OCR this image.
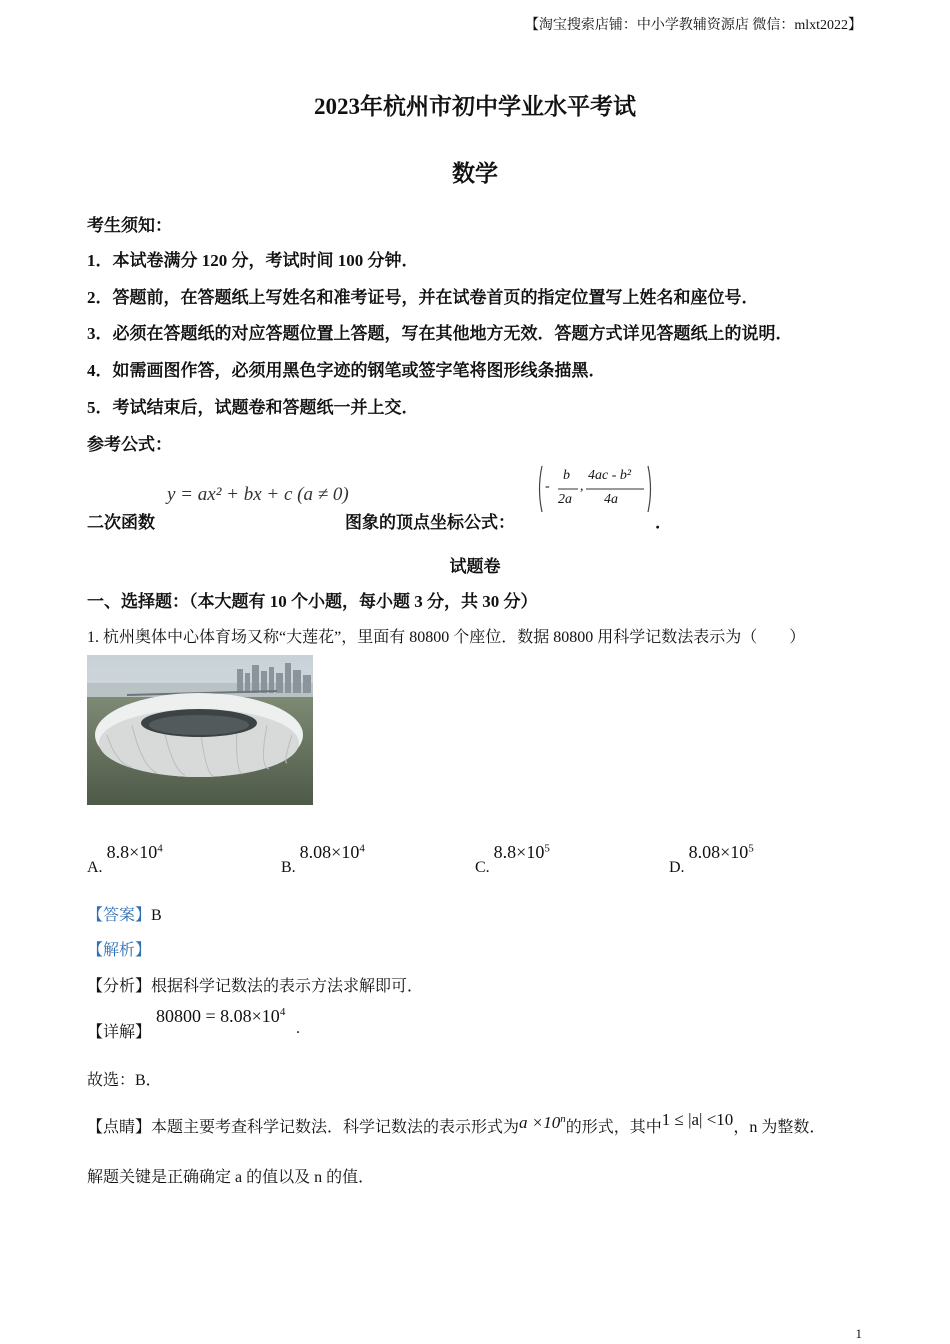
【淘宝搜索店铺：中小学教辅资源店 微信：mlxt2022】
2023年杭州市初中学业水平考试
数学
考生须知：
1．本试卷满分 120 分，考试时间 100 分钟．
2．答题前，在答题纸上写姓名和准考证号，并在试卷首页的指定位置写上姓名和座位号．
3．必须在答题纸的对应答题位置上答题，写在其他地方无效．答题方式详见答题纸上的说明．
4．如需画图作答，必须用黑色字迹的钢笔或签字笔将图形线条描黑．
5．考试结束后，试题卷和答题纸一并上交．
参考公式：
二次函数
y = ax² + bx + c (a ≠ 0)
图象的顶点坐标公式：
-
b
2a
,
4ac - b²
4a
．
试题卷
一、选择题：（本大题有 10 个小题，每小题 3 分，共 30 分）
1. 杭州奥体中心体育场又称“大莲花”，里面有 80800 个座位．数据 80800 用科学记数法表示为（　　）
$A.8.8\times 10^4$
$B.8.08\times 10^4$
$C.8.8\times 10^5$
$D.8.08\times 10^5$
【答案】B
【解析】
【分析】根据科学记数法的表示方法求解即可．
【详解】
$80800 = 8.08\times 10^4$
.
故选：B．
【点睛】本题主要考查科学记数法．科学记数法的表示形式为$a \times 10^n$的形式，其中1 ≤ |a| <10，n 为整数．
解题关键是正确确定 a 的值以及 n 的值．
1
